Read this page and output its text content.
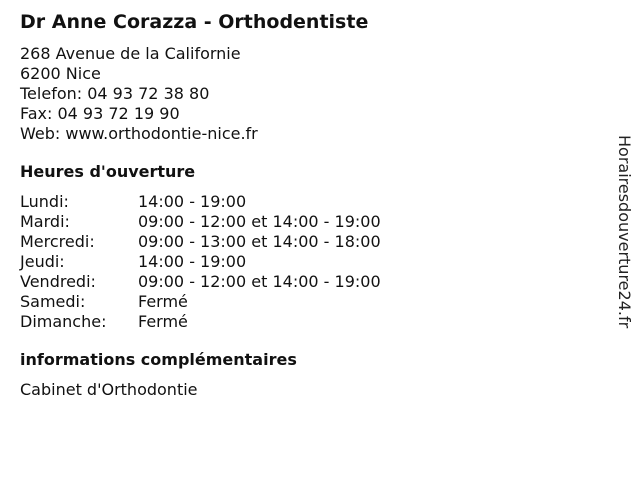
Dr Anne Corazza - Orthodentiste
268 Avenue de la Californie
6200 Nice
Telefon: 04 93 72 38 80
Fax: 04 93 72 19 90
Web: www.orthodontie-nice.fr
Heures d'ouverture
Lundi:	14:00 - 19:00
Mardi:	09:00 - 12:00 et 14:00 - 19:00
Mercredi:	09:00 - 13:00 et 14:00 - 18:00
Jeudi:	14:00 - 19:00
Vendredi:	09:00 - 12:00 et 14:00 - 19:00
Samedi:	Fermé
Dimanche:	Fermé
informations complémentaires
Cabinet d'Orthodontie
Horairesdouverture24.fr
